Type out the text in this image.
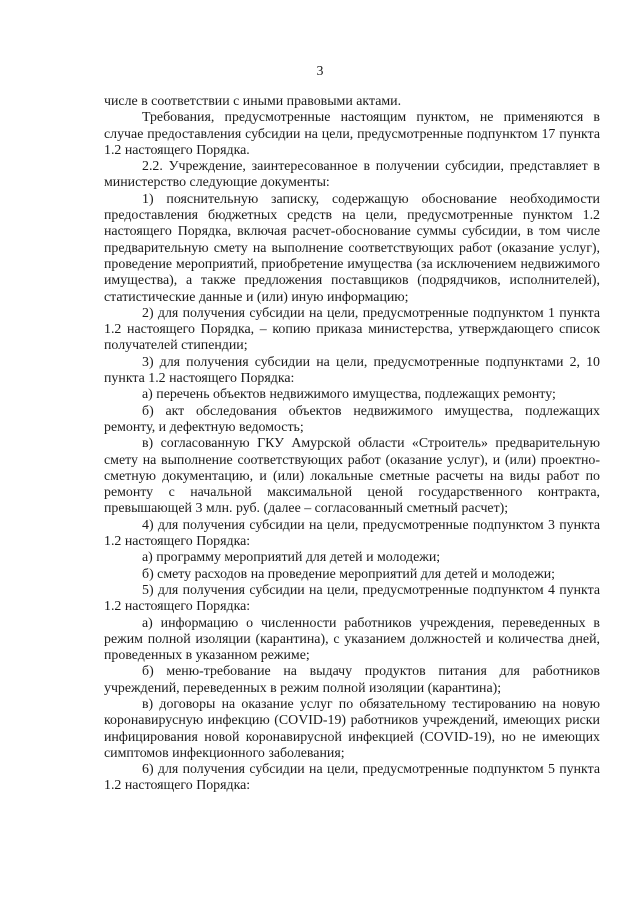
3

числе в соответствии с иными правовыми актами.

Требования, предусмотренные настоящим пунктом, не применяются в случае предоставления субсидии на цели, предусмотренные подпунктом 17 пункта 1.2 настоящего Порядка.

2.2. Учреждение, заинтересованное в получении субсидии, представляет в министерство следующие документы:

1) пояснительную записку, содержащую обоснование необходимости предоставления бюджетных средств на цели, предусмотренные пунктом 1.2 настоящего Порядка, включая расчет-обоснование суммы субсидии, в том числе предварительную смету на выполнение соответствующих работ (оказание услуг), проведение мероприятий, приобретение имущества (за исключением недвижимого имущества), а также предложения поставщиков (подрядчиков, исполнителей), статистические данные и (или) иную информацию;

2) для получения субсидии на цели, предусмотренные подпунктом 1 пункта 1.2 настоящего Порядка, – копию приказа министерства, утверждающего список получателей стипендии;

3) для получения субсидии на цели, предусмотренные подпунктами 2, 10 пункта 1.2 настоящего Порядка:

а) перечень объектов недвижимого имущества, подлежащих ремонту;

б) акт обследования объектов недвижимого имущества, подлежащих ремонту, и дефектную ведомость;

в) согласованную ГКУ Амурской области «Строитель» предварительную смету на выполнение соответствующих работ (оказание услуг), и (или) проектно-сметную документацию, и (или) локальные сметные расчеты на виды работ по ремонту с начальной максимальной ценой государственного контракта, превышающей 3 млн. руб. (далее – согласованный сметный расчет);

4) для получения субсидии на цели, предусмотренные подпунктом 3 пункта 1.2 настоящего Порядка:

а) программу мероприятий для детей и молодежи;

б) смету расходов на проведение мероприятий для детей и молодежи;

5) для получения субсидии на цели, предусмотренные подпунктом 4 пункта 1.2 настоящего Порядка:

а) информацию о численности работников учреждения, переведенных в режим полной изоляции (карантина), с указанием должностей и количества дней, проведенных в указанном режиме;

б) меню-требование на выдачу продуктов питания для работников учреждений, переведенных в режим полной изоляции (карантина);

в) договоры на оказание услуг по обязательному тестированию на новую коронавирусную инфекцию (COVID-19) работников учреждений, имеющих риски инфицирования новой коронавирусной инфекцией (COVID-19), но не имеющих симптомов инфекционного заболевания;

6) для получения субсидии на цели, предусмотренные подпунктом 5 пункта 1.2 настоящего Порядка:
